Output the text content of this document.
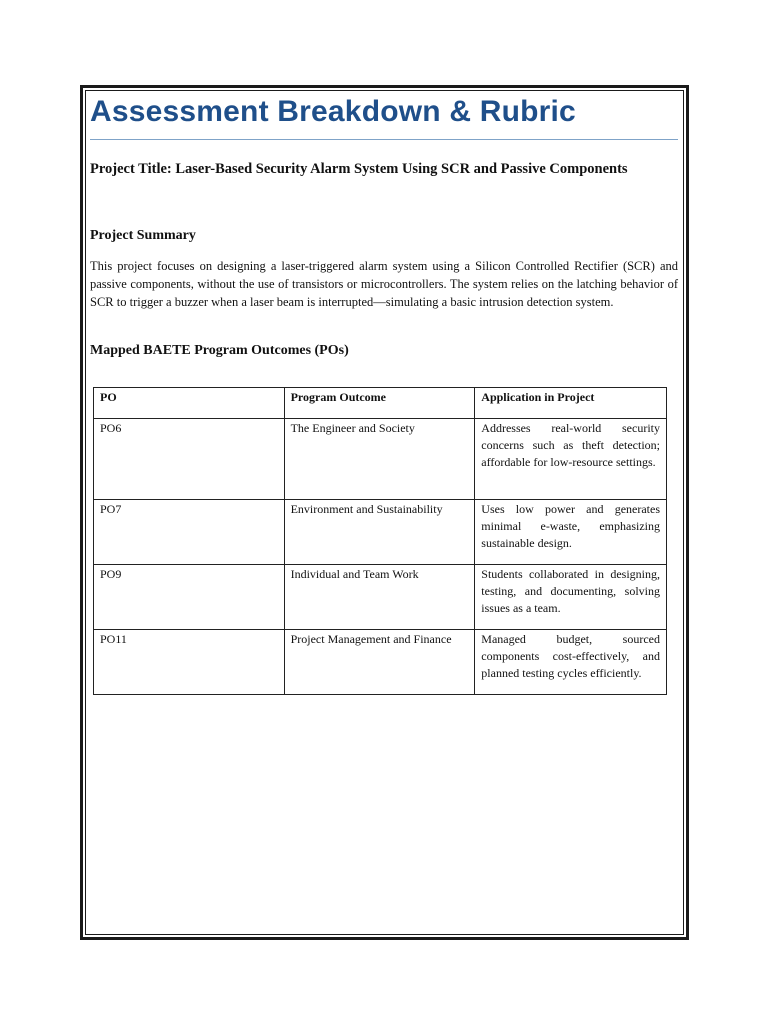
Assessment Breakdown & Rubric
Project Title: Laser-Based Security Alarm System Using SCR and Passive Components
Project Summary
This project focuses on designing a laser-triggered alarm system using a Silicon Controlled Rectifier (SCR) and passive components, without the use of transistors or microcontrollers. The system relies on the latching behavior of SCR to trigger a buzzer when a laser beam is interrupted—simulating a basic intrusion detection system.
Mapped BAETE Program Outcomes (POs)
PO	Program Outcome	Application in Project
PO6	The Engineer and Society	Addresses real-world security concerns such as theft detection; affordable for low-resource settings.
PO7	Environment and Sustainability	Uses low power and generates minimal e-waste, emphasizing sustainable design.
PO9	Individual and Team Work	Students collaborated in designing, testing, and documenting, solving issues as a team.
PO11	Project Management and Finance	Managed budget, sourced components cost-effectively, and planned testing cycles efficiently.
